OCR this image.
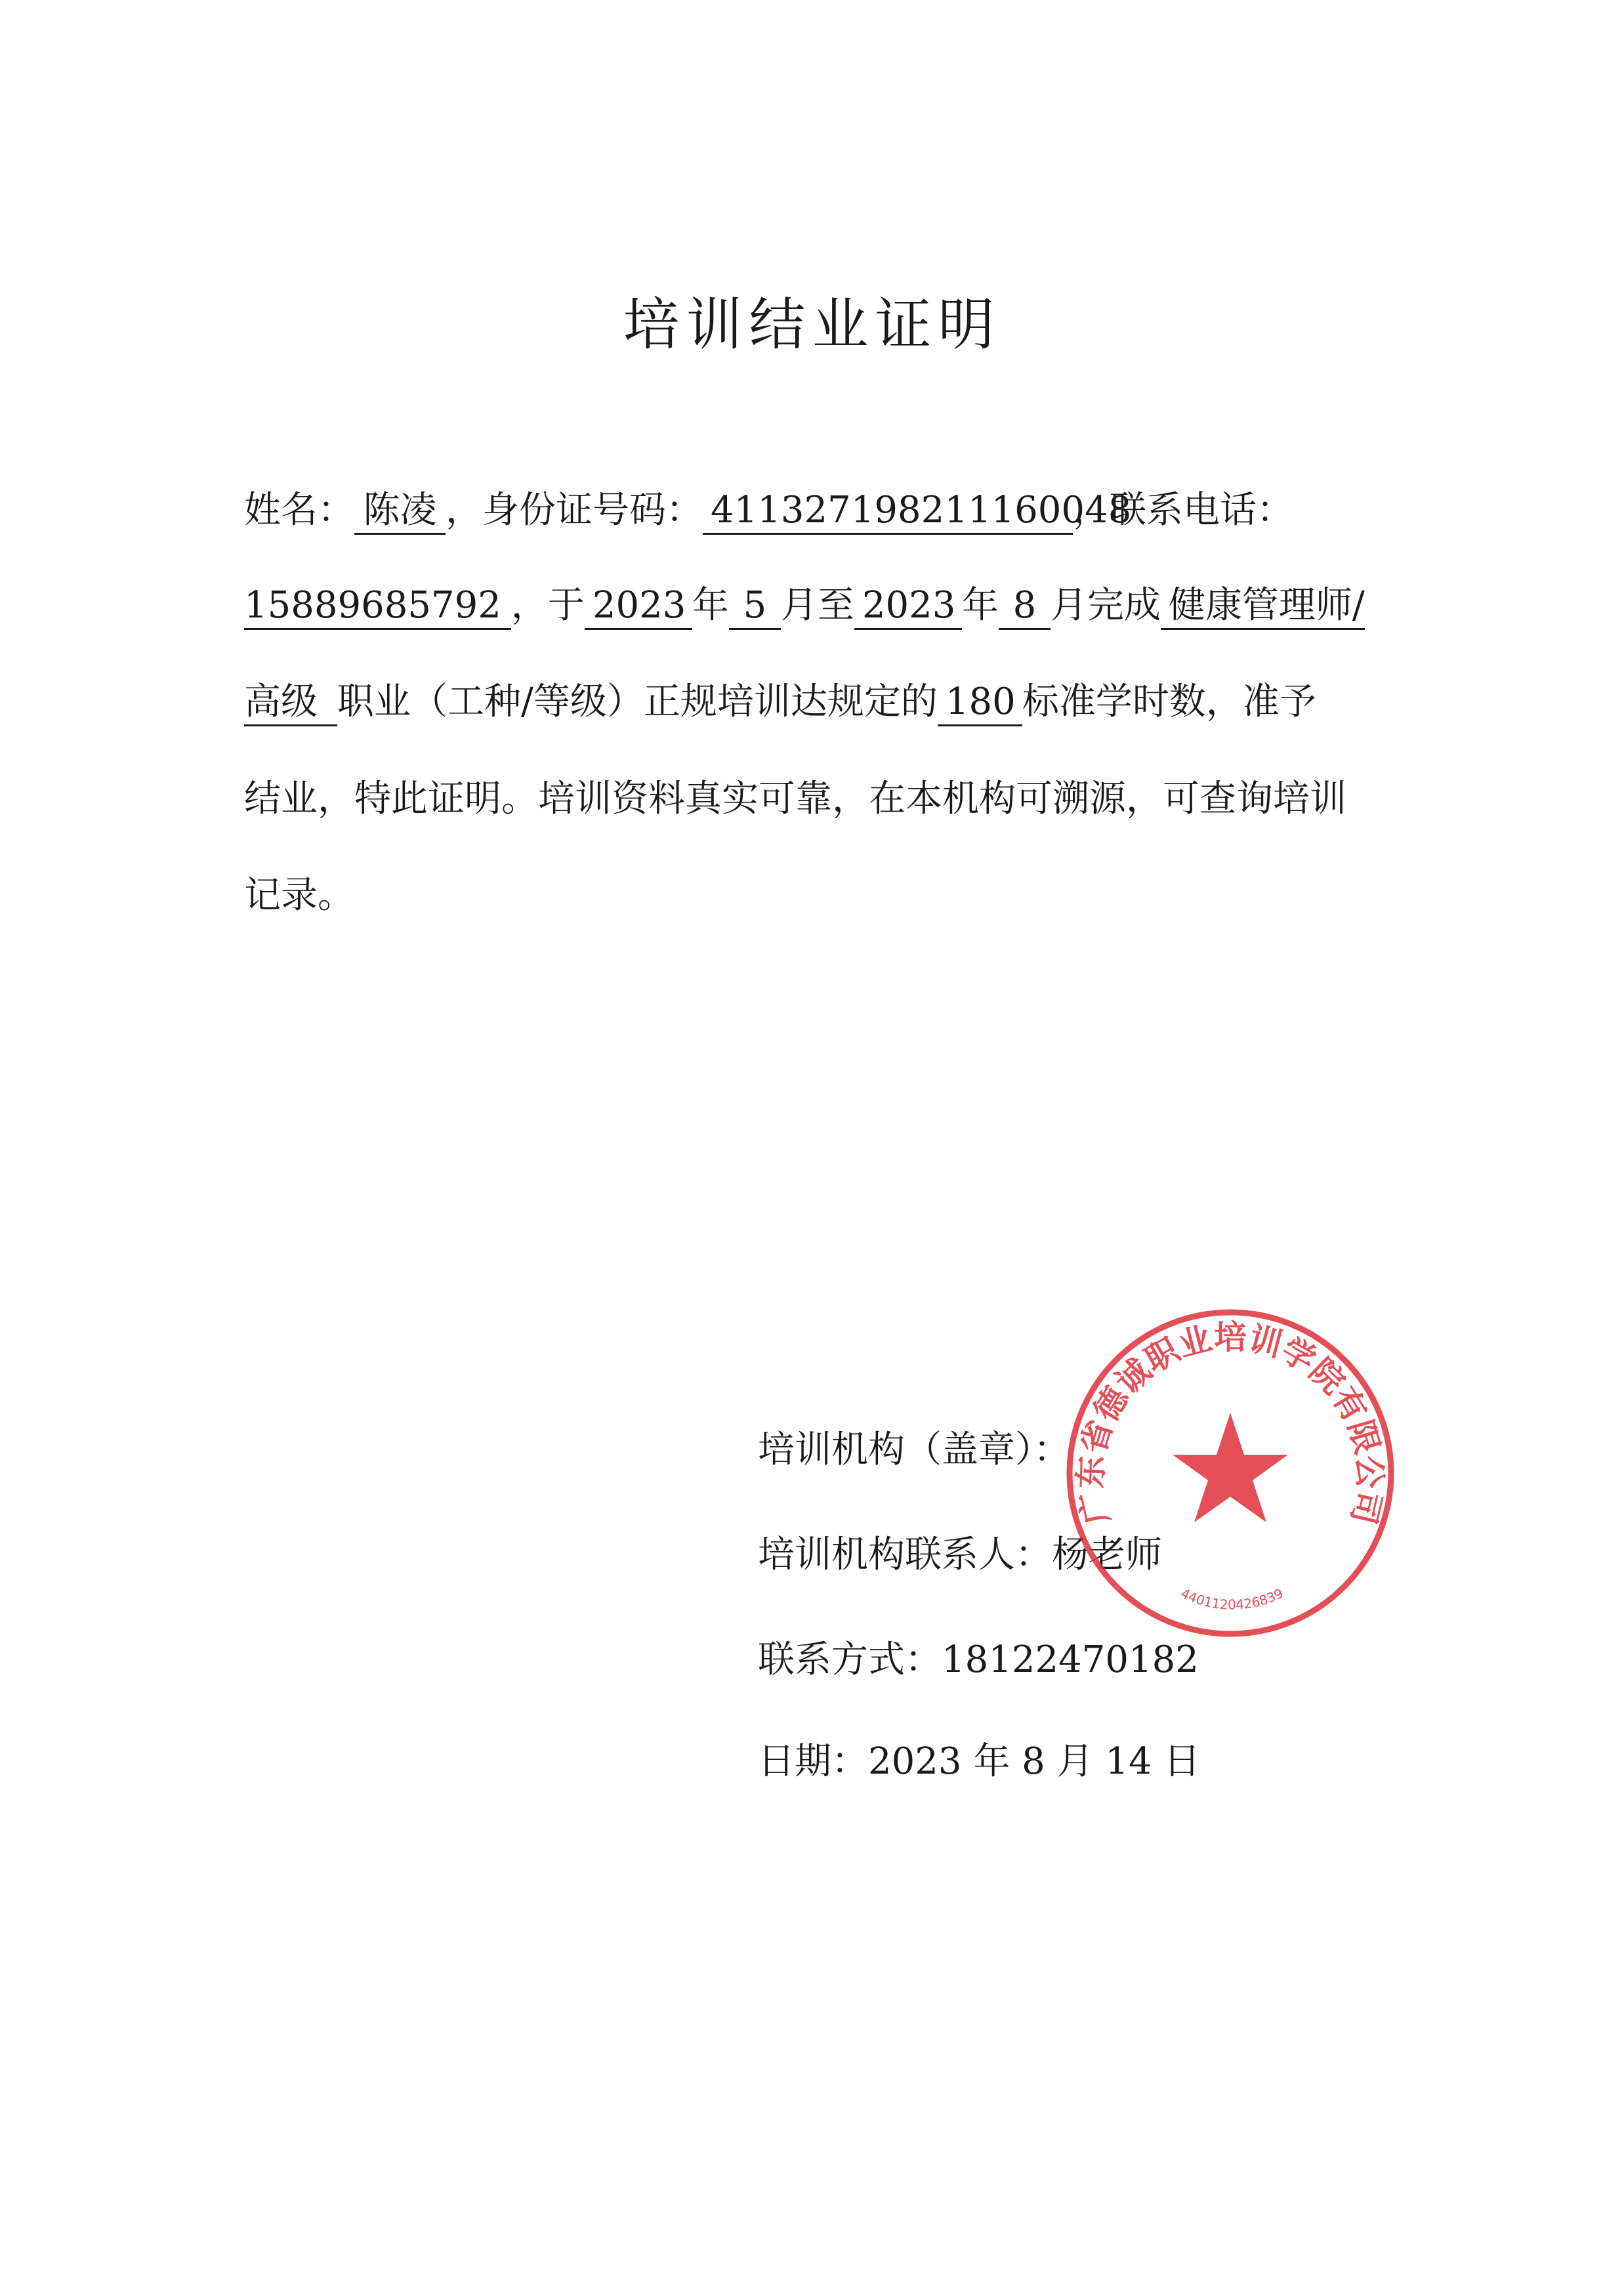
培训结业证明
姓名： 陈凌 ，身份证号码： 411327198211160048，联系电话：
15889685792 ，于 2023 年 5 月至 2023 年 8 月完成 健康管理师/
高级 职业（工种/等级）正规培训达规定的 180 标准学时数，准予
结业，特此证明。培训资料真实可靠，在本机构可溯源，可查询培训
记录。
培训机构（盖章）：
培训机构联系人：杨老师
联系方式：18122470182
日期：2023 年 8 月 14 日
广东省德诚职业培训学院有限公司
4401120426839
